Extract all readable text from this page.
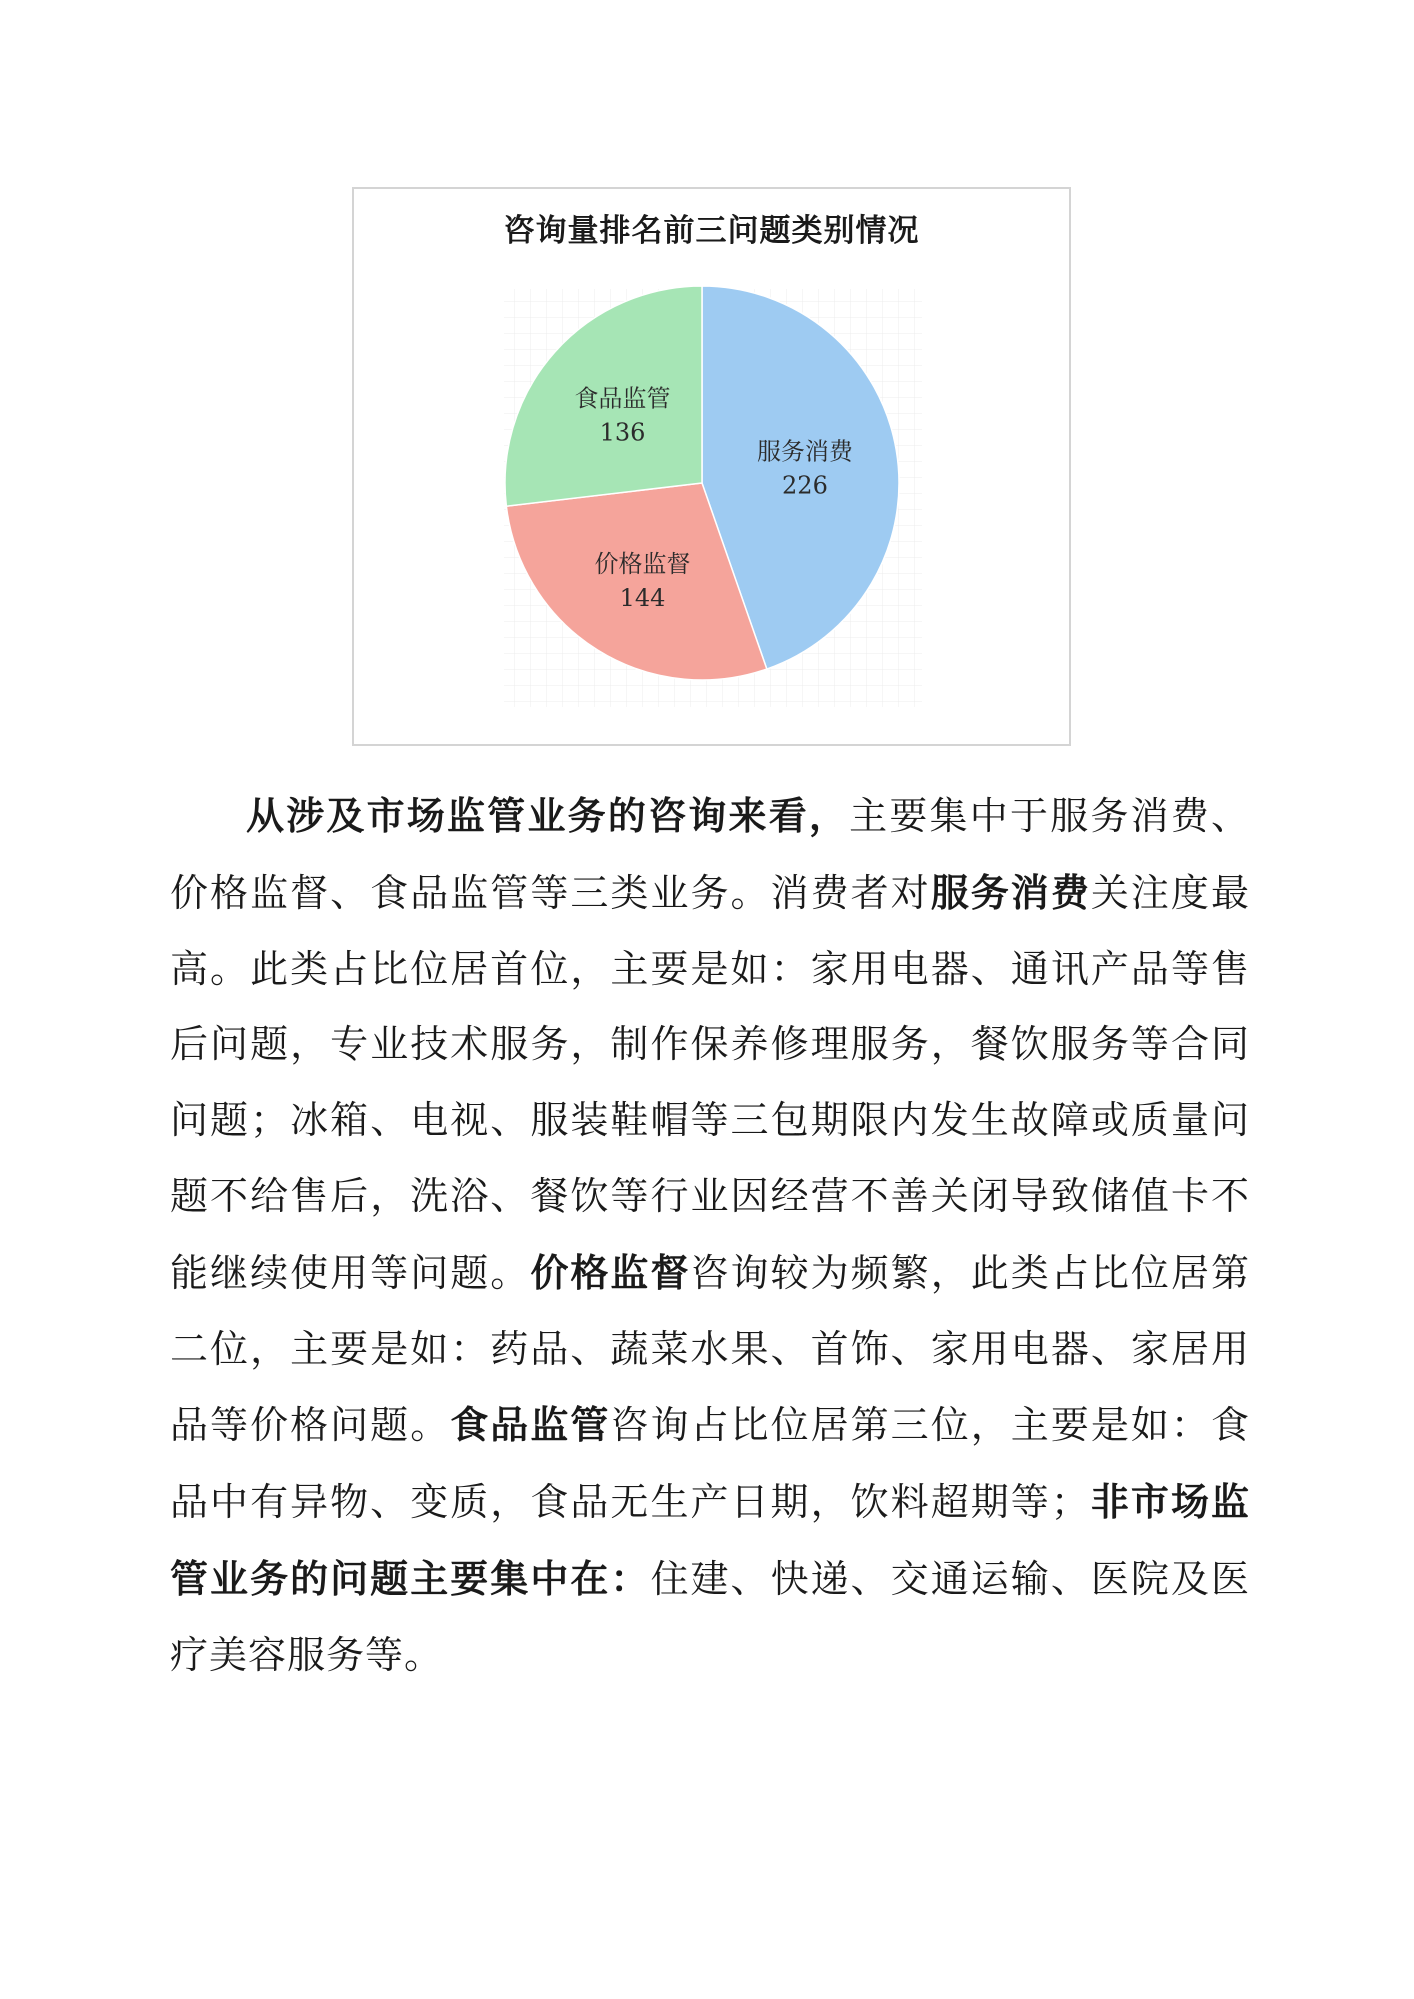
咨询量排名前三问题类别情况
服务消费
226
价格监督
144
食品监管
136

从涉及市场监管业务的咨询来看，主要集中于服务消费、价格监督、食品监管等三类业务。消费者对服务消费关注度最高。此类占比位居首位，主要是如：家用电器、通讯产品等售后问题，专业技术服务，制作保养修理服务，餐饮服务等合同问题；冰箱、电视、服装鞋帽等三包期限内发生故障或质量问题不给售后，洗浴、餐饮等行业因经营不善关闭导致储值卡不能继续使用等问题。价格监督咨询较为频繁，此类占比位居第二位，主要是如：药品、蔬菜水果、首饰、家用电器、家居用品等价格问题。食品监管咨询占比位居第三位，主要是如：食品中有异物、变质，食品无生产日期，饮料超期等；非市场监管业务的问题主要集中在：住建、快递、交通运输、医院及医疗美容服务等。
